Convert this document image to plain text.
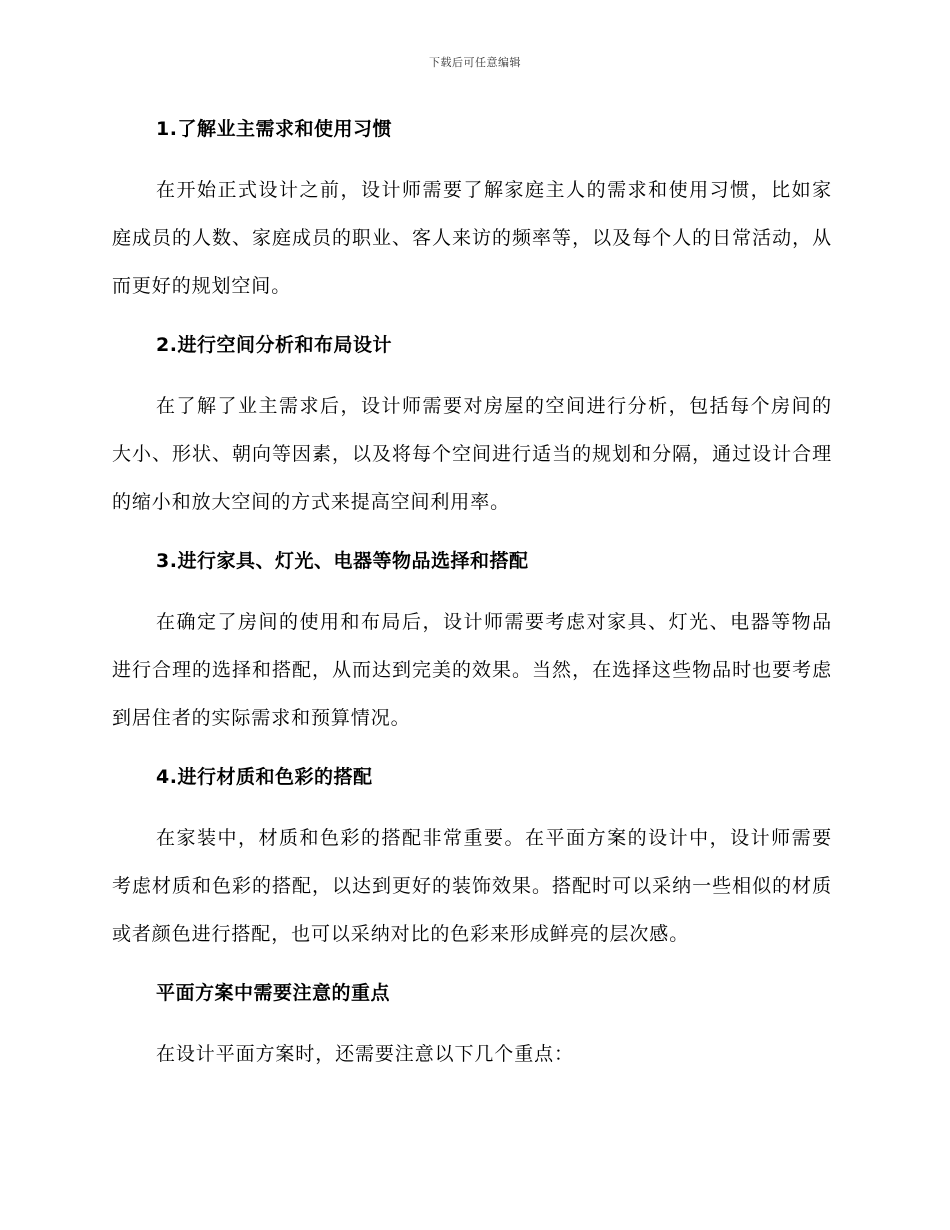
下载后可任意编辑
1.了解业主需求和使用习惯

在开始正式设计之前，设计师需要了解家庭主人的需求和使用习惯，比如家庭成员的人数、家庭成员的职业、客人来访的频率等，以及每个人的日常活动，从而更好的规划空间。

2.进行空间分析和布局设计

在了解了业主需求后，设计师需要对房屋的空间进行分析，包括每个房间的大小、形状、朝向等因素，以及将每个空间进行适当的规划和分隔，通过设计合理的缩小和放大空间的方式来提高空间利用率。

3.进行家具、灯光、电器等物品选择和搭配

在确定了房间的使用和布局后，设计师需要考虑对家具、灯光、电器等物品进行合理的选择和搭配，从而达到完美的效果。当然，在选择这些物品时也要考虑到居住者的实际需求和预算情况。

4.进行材质和色彩的搭配

在家装中，材质和色彩的搭配非常重要。在平面方案的设计中，设计师需要考虑材质和色彩的搭配，以达到更好的装饰效果。搭配时可以采纳一些相似的材质或者颜色进行搭配，也可以采纳对比的色彩来形成鲜亮的层次感。

平面方案中需要注意的重点

在设计平面方案时，还需要注意以下几个重点：
